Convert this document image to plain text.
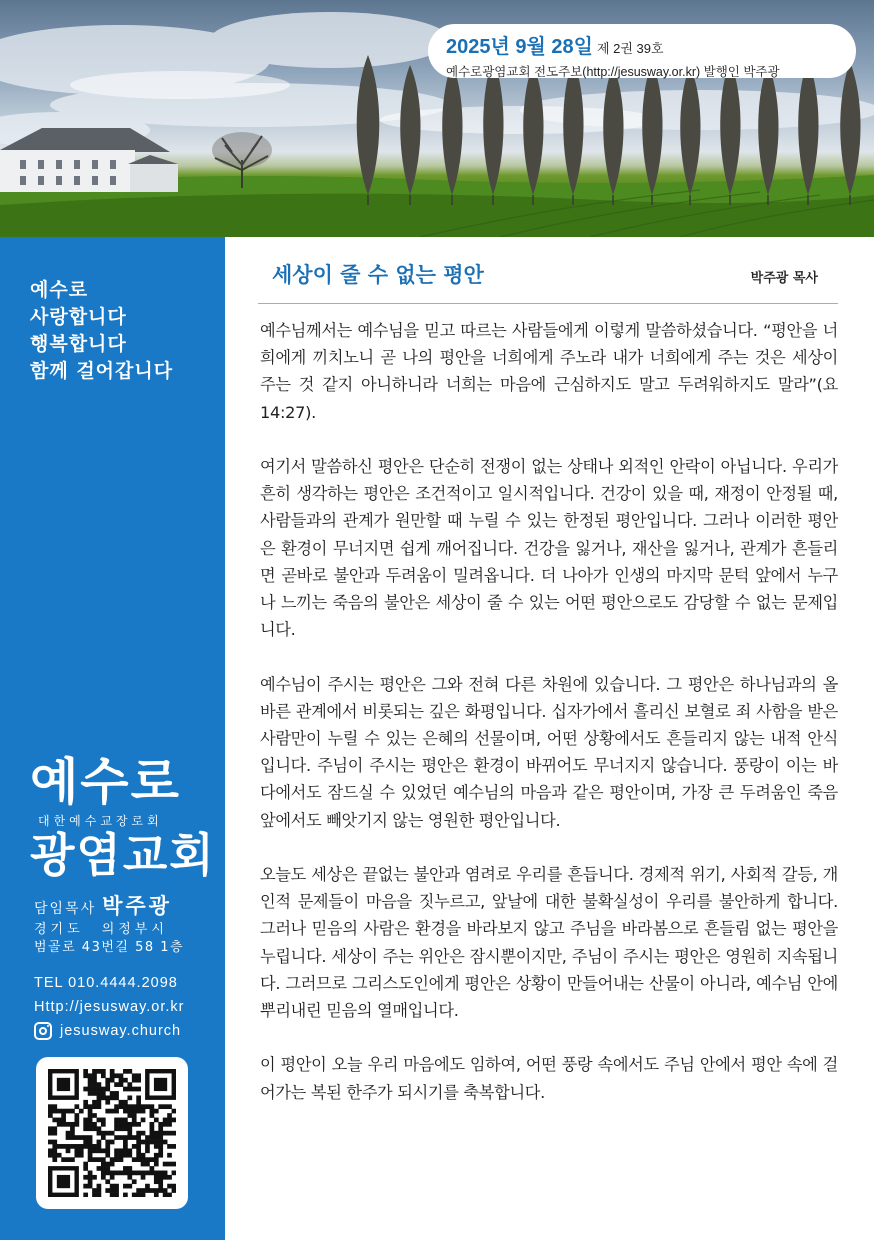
2025년 9월 28일 제 2권 39호
예수로광염교회 전도주보(http://jesusway.or.kr) 발행인 박주광
예수로
사랑합니다
행복합니다
함께 걸어갑니다
예수로
대한예수교장로회
광염교회
담임목사 박주광
경기도 의정부시
범골로 43번길 58 1층
TEL 010.4444.2098
Http://jesusway.or.kr
jesusway.church
세상이 줄 수 없는 평안	박주광 목사

예수님께서는 예수님을 믿고 따르는 사람들에게 이렇게 말씀하셨습니다. “평안을 너희에게 끼치노니 곧 나의 평안을 너희에게 주노라 내가 너희에게 주는 것은 세상이 주는 것 같지 아니하니라 너희는 마음에 근심하지도 말고 두려워하지도 말라”(요 14:27).

여기서 말씀하신 평안은 단순히 전쟁이 없는 상태나 외적인 안락이 아닙니다. 우리가 흔히 생각하는 평안은 조건적이고 일시적입니다. 건강이 있을 때, 재정이 안정될 때, 사람들과의 관계가 원만할 때 누릴 수 있는 한정된 평안입니다. 그러나 이러한 평안은 환경이 무너지면 쉽게 깨어집니다. 건강을 잃거나, 재산을 잃거나, 관계가 흔들리면 곧바로 불안과 두려움이 밀려옵니다. 더 나아가 인생의 마지막 문턱 앞에서 누구나 느끼는 죽음의 불안은 세상이 줄 수 있는 어떤 평안으로도 감당할 수 없는 문제입니다.

예수님이 주시는 평안은 그와 전혀 다른 차원에 있습니다. 그 평안은 하나님과의 올바른 관계에서 비롯되는 깊은 화평입니다. 십자가에서 흘리신 보혈로 죄 사함을 받은 사람만이 누릴 수 있는 은혜의 선물이며, 어떤 상황에서도 흔들리지 않는 내적 안식입니다. 주님이 주시는 평안은 환경이 바뀌어도 무너지지 않습니다. 풍랑이 이는 바다에서도 잠드실 수 있었던 예수님의 마음과 같은 평안이며, 가장 큰 두려움인 죽음 앞에서도 빼앗기지 않는 영원한 평안입니다.

오늘도 세상은 끝없는 불안과 염려로 우리를 흔듭니다. 경제적 위기, 사회적 갈등, 개인적 문제들이 마음을 짓누르고, 앞날에 대한 불확실성이 우리를 불안하게 합니다. 그러나 믿음의 사람은 환경을 바라보지 않고 주님을 바라봄으로 흔들림 없는 평안을 누립니다. 세상이 주는 위안은 잠시뿐이지만, 주님이 주시는 평안은 영원히 지속됩니다. 그러므로 그리스도인에게 평안은 상황이 만들어내는 산물이 아니라, 예수님 안에 뿌리내린 믿음의 열매입니다.

이 평안이 오늘 우리 마음에도 임하여, 어떤 풍랑 속에서도 주님 안에서 평안 속에 걸어가는 복된 한주가 되시기를 축복합니다.
